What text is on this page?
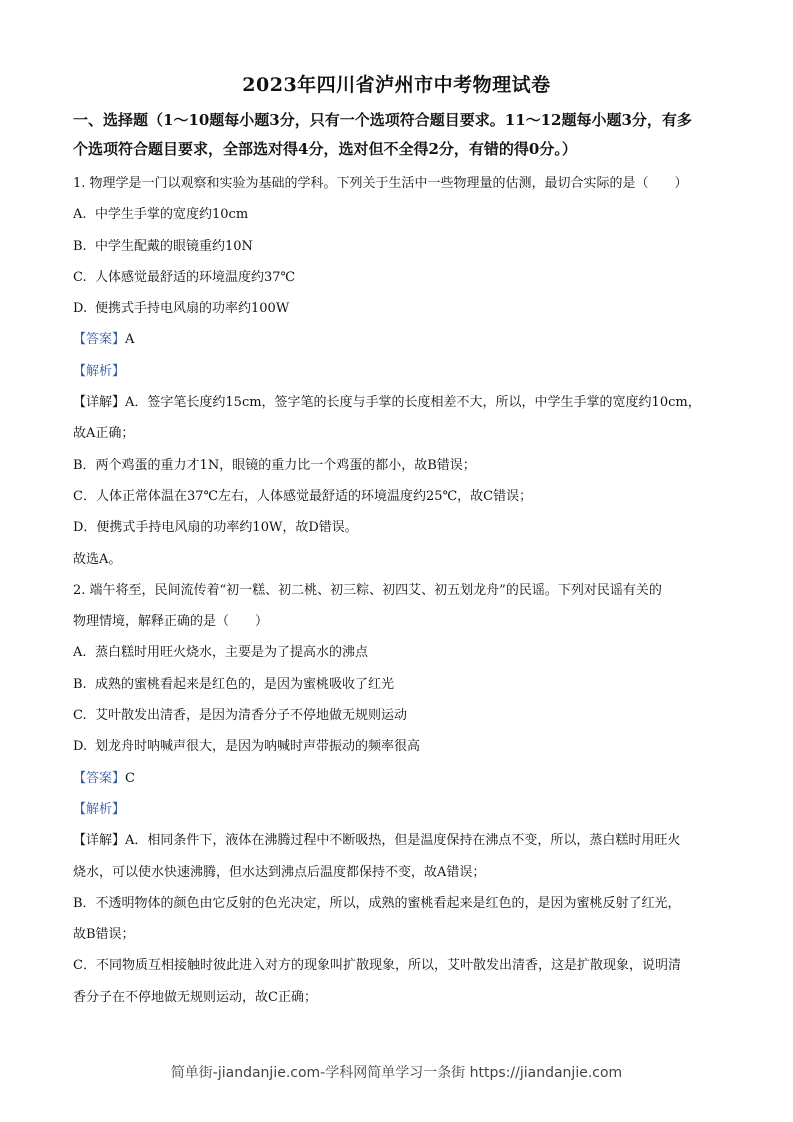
2023年四川省泸州市中考物理试卷
一、选择题（1～10题每小题3分，只有一个选项符合题目要求。11～12题每小题3分，有多
个选项符合题目要求，全部选对得4分，选对但不全得2分，有错的得0分。）
1. 物理学是一门以观察和实验为基础的学科。下列关于生活中一些物理量的估测，最切合实际的是（　　）
A. 中学生手掌的宽度约10cm
B. 中学生配戴的眼镜重约10N
C. 人体感觉最舒适的环境温度约37℃
D. 便携式手持电风扇的功率约100W
【答案】A
【解析】
【详解】A．签字笔长度约15cm，签字笔的长度与手掌的长度相差不大，所以，中学生手掌的宽度约10cm，
故A正确；
B．两个鸡蛋的重力才1N，眼镜的重力比一个鸡蛋的都小，故B错误；
C．人体正常体温在37℃左右，人体感觉最舒适的环境温度约25℃，故C错误；
D．便携式手持电风扇的功率约10W，故D错误。
故选A。
2. 端午将至，民间流传着“初一糕、初二桃、初三粽、初四艾、初五划龙舟”的民谣。下列对民谣有关的
物理情境，解释正确的是（　　）
A. 蒸白糕时用旺火烧水，主要是为了提高水的沸点
B. 成熟的蜜桃看起来是红色的，是因为蜜桃吸收了红光
C. 艾叶散发出清香，是因为清香分子不停地做无规则运动
D. 划龙舟时呐喊声很大，是因为呐喊时声带振动的频率很高
【答案】C
【解析】
【详解】A．相同条件下，液体在沸腾过程中不断吸热，但是温度保持在沸点不变，所以，蒸白糕时用旺火
烧水，可以使水快速沸腾，但水达到沸点后温度都保持不变，故A错误；
B．不透明物体的颜色由它反射的色光决定，所以，成熟的蜜桃看起来是红色的，是因为蜜桃反射了红光，
故B错误；
C．不同物质互相接触时彼此进入对方的现象叫扩散现象，所以，艾叶散发出清香，这是扩散现象，说明清
香分子在不停地做无规则运动，故C正确；
简单街-jiandanjie.com-学科网简单学习一条街 https://jiandanjie.com
